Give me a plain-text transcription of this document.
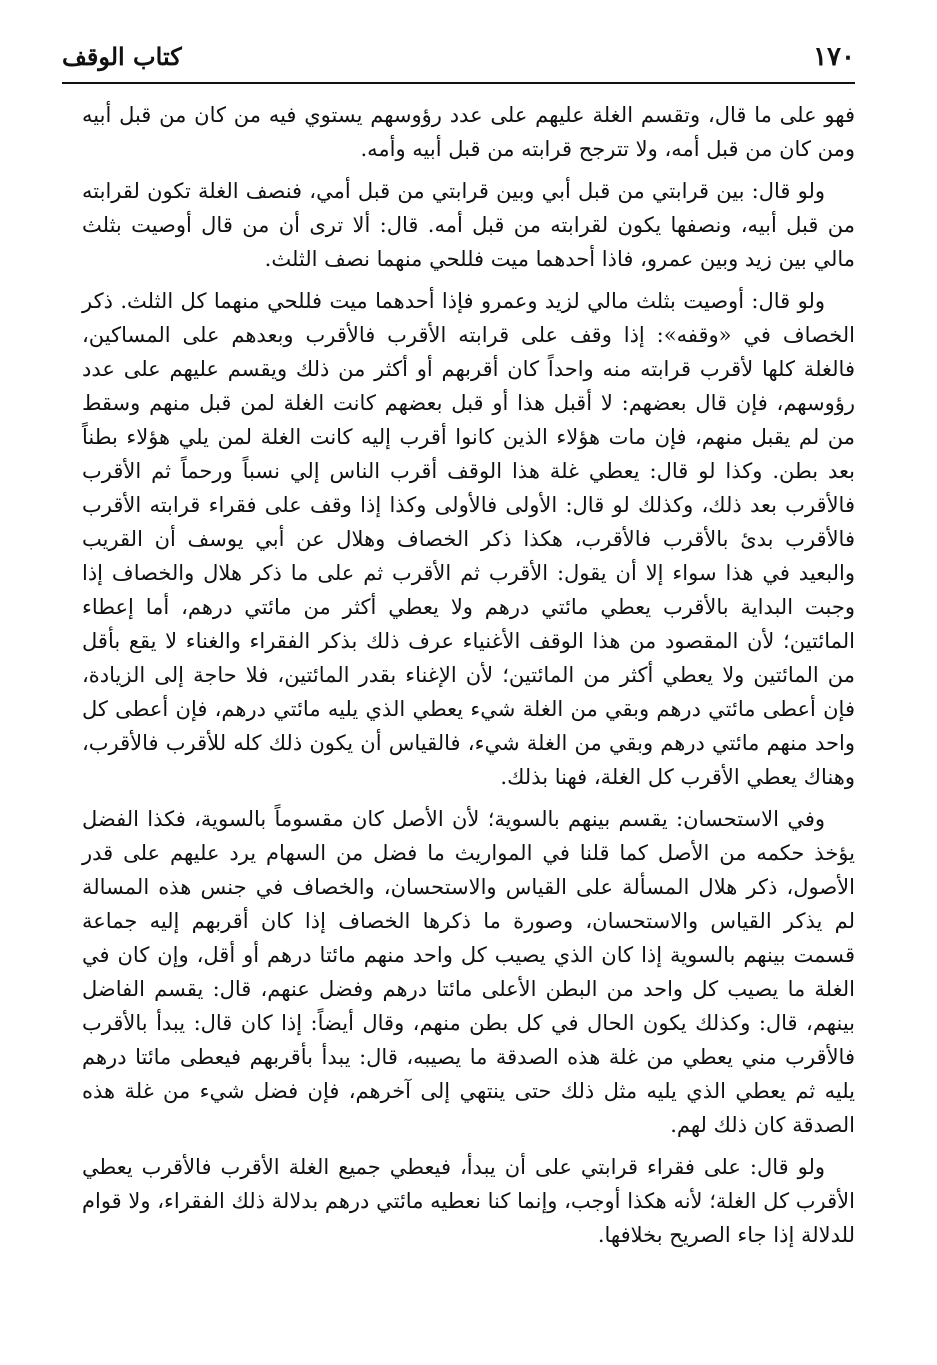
١٧٠
كتاب الوقف

فهو على ما قال، وتقسم الغلة عليهم على عدد رؤوسهم يستوي فيه من كان من قبل أبيه ومن كان من قبل أمه، ولا تترجح قرابته من قبل أبيه وأمه.

ولو قال: بين قرابتي من قبل أبي وبين قرابتي من قبل أمي، فنصف الغلة تكون لقرابته من قبل أبيه، ونصفها يكون لقرابته من قبل أمه. قال: ألا ترى أن من قال أوصيت بثلث مالي بين زيد وبين عمرو، فاذا أحدهما ميت فللحي منهما نصف الثلث.

ولو قال: أوصيت بثلث مالي لزيد وعمرو فإذا أحدهما ميت فللحي منهما كل الثلث. ذكر الخصاف في «وقفه»: إذا وقف على قرابته الأقرب فالأقرب وبعدهم على المساكين، فالغلة كلها لأقرب قرابته منه واحداً كان أقربهم أو أكثر من ذلك ويقسم عليهم على عدد رؤوسهم، فإن قال بعضهم: لا أقبل هذا أو قبل بعضهم كانت الغلة لمن قبل منهم وسقط من لم يقبل منهم، فإن مات هؤلاء الذين كانوا أقرب إليه كانت الغلة لمن يلي هؤلاء بطناً بعد بطن. وكذا لو قال: يعطي غلة هذا الوقف أقرب الناس إلي نسباً ورحماً ثم الأقرب فالأقرب بعد ذلك، وكذلك لو قال: الأولى فالأولى وكذا إذا وقف على فقراء قرابته الأقرب فالأقرب بدئ بالأقرب فالأقرب، هكذا ذكر الخصاف وهلال عن أبي يوسف أن القريب والبعيد في هذا سواء إلا أن يقول: الأقرب ثم الأقرب ثم على ما ذكر هلال والخصاف إذا وجبت البداية بالأقرب يعطي مائتي درهم ولا يعطي أكثر من مائتي درهم، أما إعطاء المائتين؛ لأن المقصود من هذا الوقف الأغنياء عرف ذلك بذكر الفقراء والغناء لا يقع بأقل من المائتين ولا يعطي أكثر من المائتين؛ لأن الإغناء بقدر المائتين، فلا حاجة إلى الزيادة، فإن أعطى مائتي درهم وبقي من الغلة شيء يعطي الذي يليه مائتي درهم، فإن أعطى كل واحد منهم مائتي درهم وبقي من الغلة شيء، فالقياس أن يكون ذلك كله للأقرب فالأقرب، وهناك يعطي الأقرب كل الغلة، فهنا بذلك.

وفي الاستحسان: يقسم بينهم بالسوية؛ لأن الأصل كان مقسوماً بالسوية، فكذا الفضل يؤخذ حكمه من الأصل كما قلنا في المواريث ما فضل من السهام يرد عليهم على قدر الأصول، ذكر هلال المسألة على القياس والاستحسان، والخصاف في جنس هذه المسالة لم يذكر القياس والاستحسان، وصورة ما ذكرها الخصاف إذا كان أقربهم إليه جماعة قسمت بينهم بالسوية إذا كان الذي يصيب كل واحد منهم مائتا درهم أو أقل، وإن كان في الغلة ما يصيب كل واحد من البطن الأعلى مائتا درهم وفضل عنهم، قال: يقسم الفاضل بينهم، قال: وكذلك يكون الحال في كل بطن منهم، وقال أيضاً: إذا كان قال: يبدأ بالأقرب فالأقرب مني يعطي من غلة هذه الصدقة ما يصيبه، قال: يبدأ بأقربهم فيعطى مائتا درهم يليه ثم يعطي الذي يليه مثل ذلك حتى ينتهي إلى آخرهم، فإن فضل شيء من غلة هذه الصدقة كان ذلك لهم.

ولو قال: على فقراء قرابتي على أن يبدأ، فيعطي جميع الغلة الأقرب فالأقرب يعطي الأقرب كل الغلة؛ لأنه هكذا أوجب، وإنما كنا نعطيه مائتي درهم بدلالة ذلك الفقراء، ولا قوام للدلالة إذا جاء الصريح بخلافها.
